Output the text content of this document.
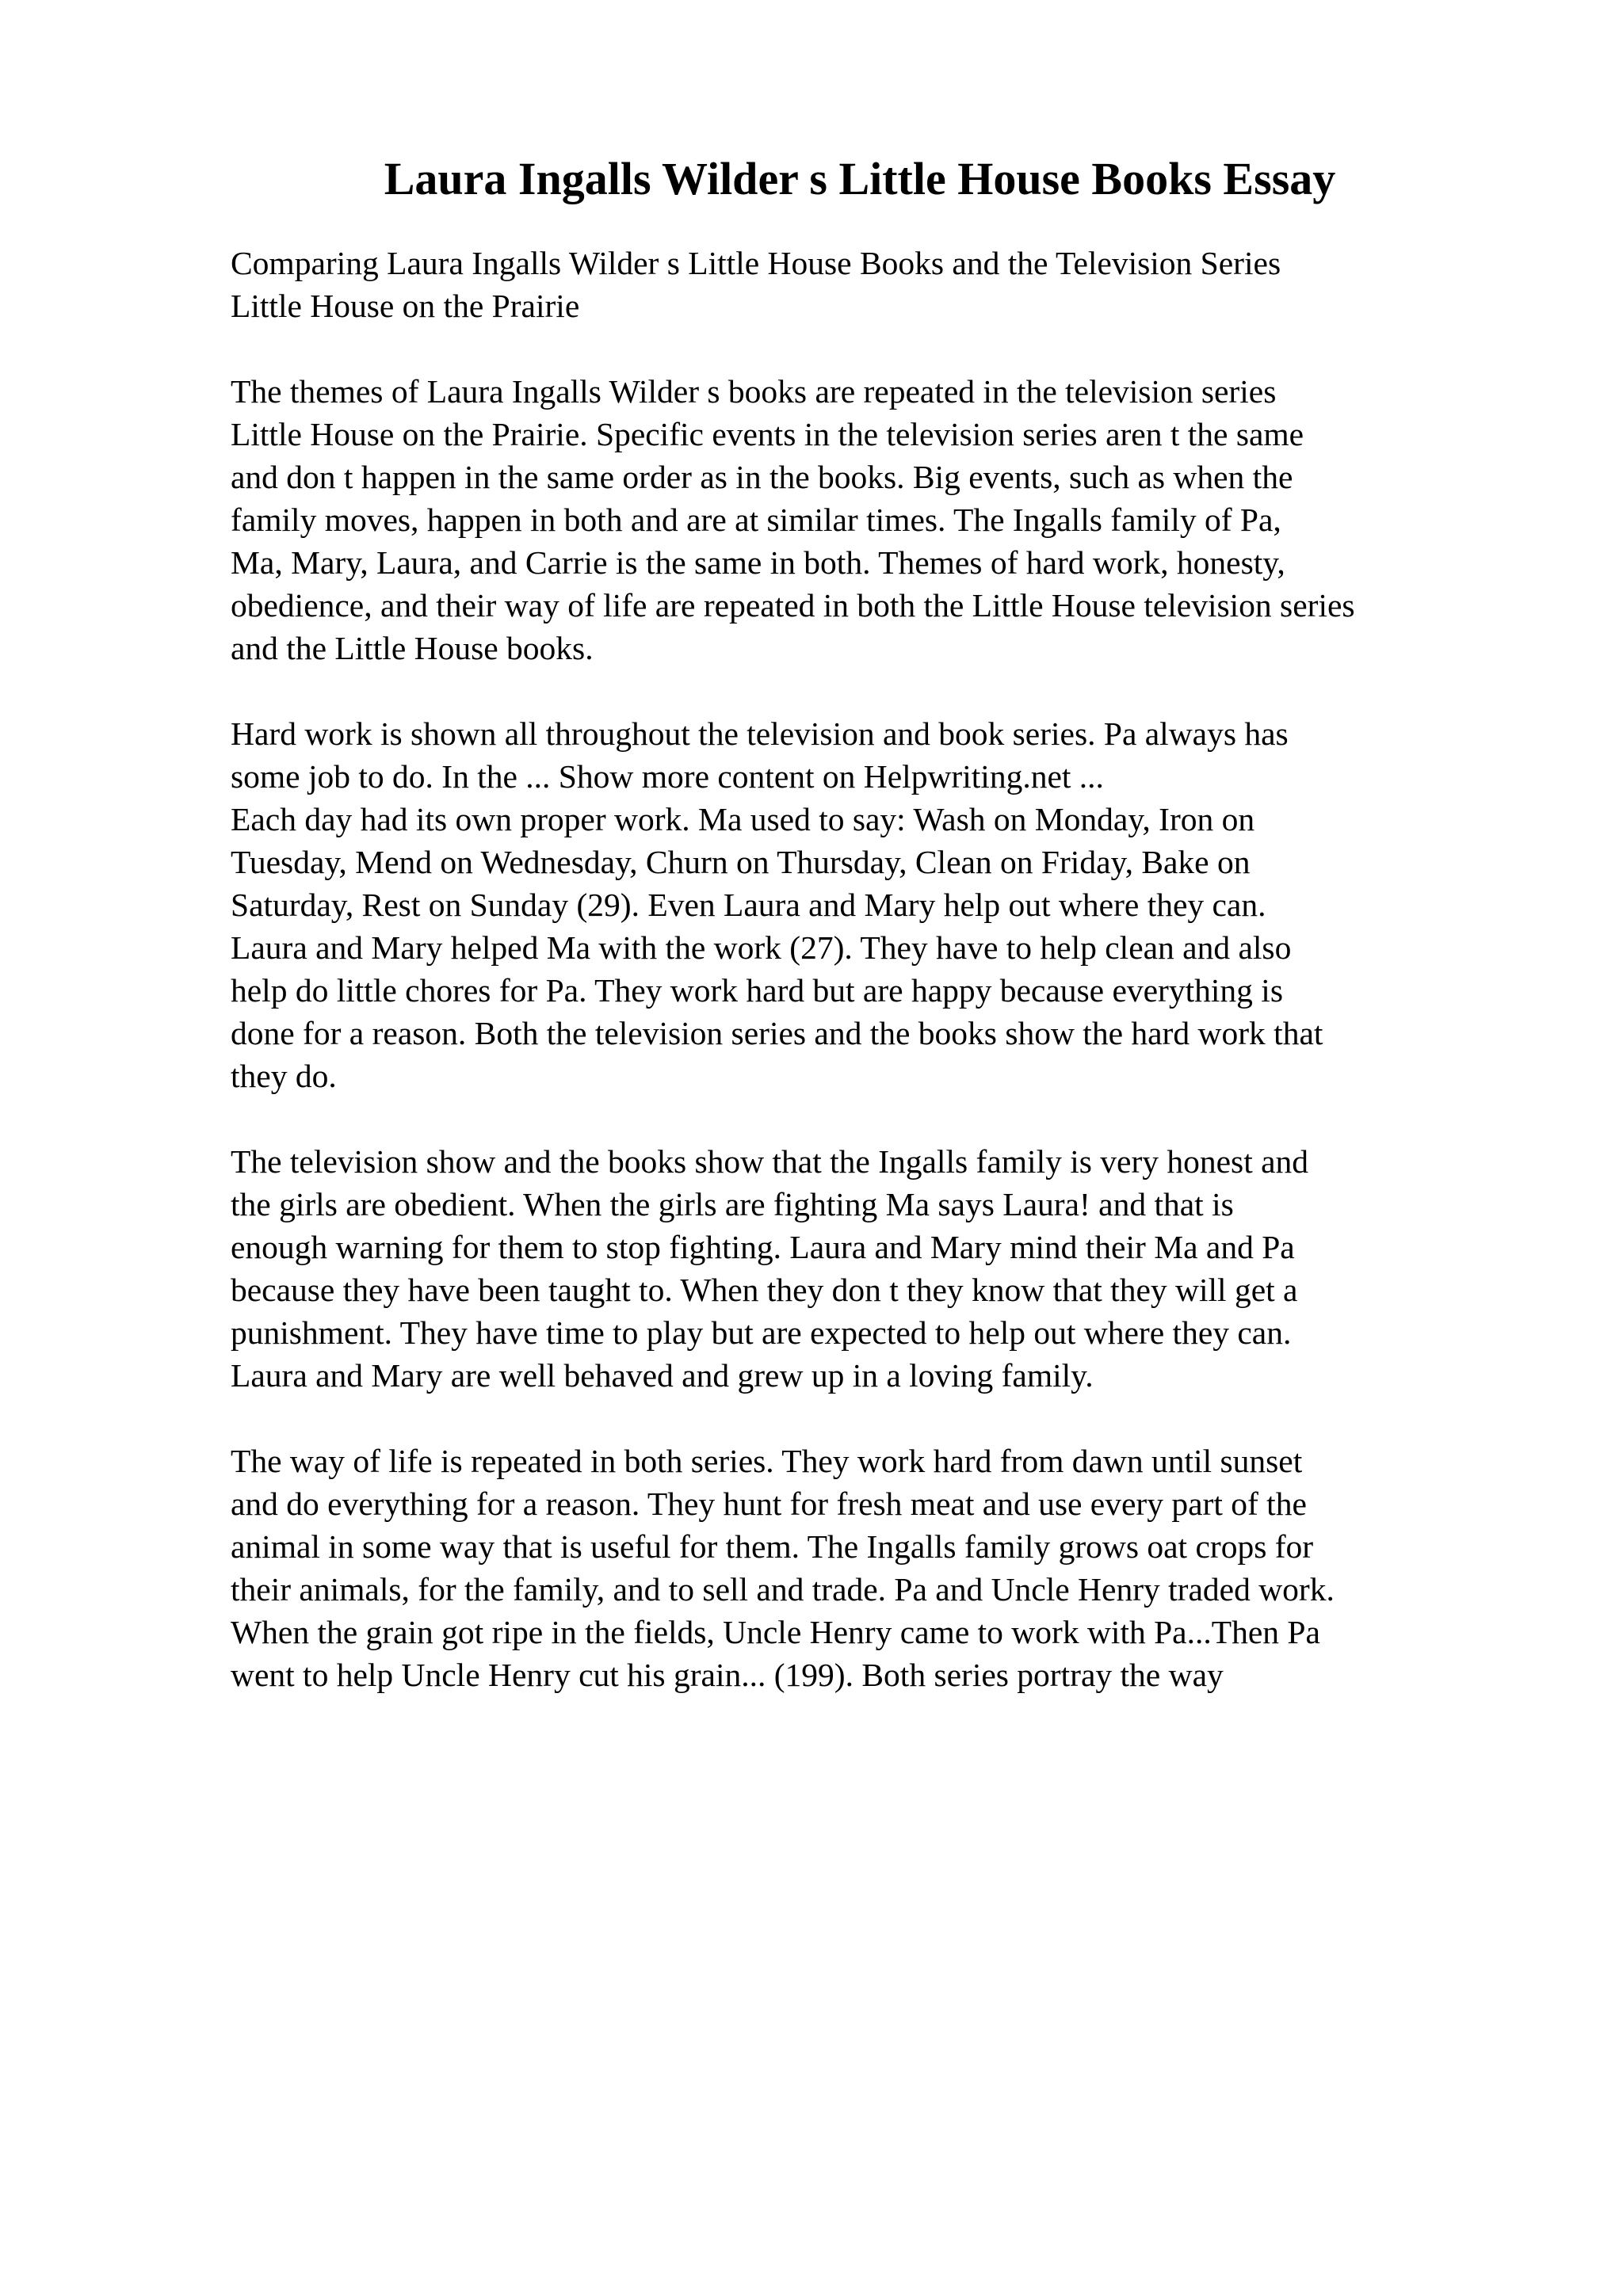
Laura Ingalls Wilder s Little House Books Essay
Comparing Laura Ingalls Wilder s Little House Books and the Television Series
Little House on the Prairie
The themes of Laura Ingalls Wilder s books are repeated in the television series
Little House on the Prairie. Specific events in the television series aren t the same
and don t happen in the same order as in the books. Big events, such as when the
family moves, happen in both and are at similar times. The Ingalls family of Pa,
Ma, Mary, Laura, and Carrie is the same in both. Themes of hard work, honesty,
obedience, and their way of life are repeated in both the Little House television series
and the Little House books.
Hard work is shown all throughout the television and book series. Pa always has
some job to do. In the ... Show more content on Helpwriting.net ...
Each day had its own proper work. Ma used to say: Wash on Monday, Iron on
Tuesday, Mend on Wednesday, Churn on Thursday, Clean on Friday, Bake on
Saturday, Rest on Sunday (29). Even Laura and Mary help out where they can.
Laura and Mary helped Ma with the work (27). They have to help clean and also
help do little chores for Pa. They work hard but are happy because everything is
done for a reason. Both the television series and the books show the hard work that
they do.
The television show and the books show that the Ingalls family is very honest and
the girls are obedient. When the girls are fighting Ma says Laura! and that is
enough warning for them to stop fighting. Laura and Mary mind their Ma and Pa
because they have been taught to. When they don t they know that they will get a
punishment. They have time to play but are expected to help out where they can.
Laura and Mary are well behaved and grew up in a loving family.
The way of life is repeated in both series. They work hard from dawn until sunset
and do everything for a reason. They hunt for fresh meat and use every part of the
animal in some way that is useful for them. The Ingalls family grows oat crops for
their animals, for the family, and to sell and trade. Pa and Uncle Henry traded work.
When the grain got ripe in the fields, Uncle Henry came to work with Pa...Then Pa
went to help Uncle Henry cut his grain... (199). Both series portray the way
